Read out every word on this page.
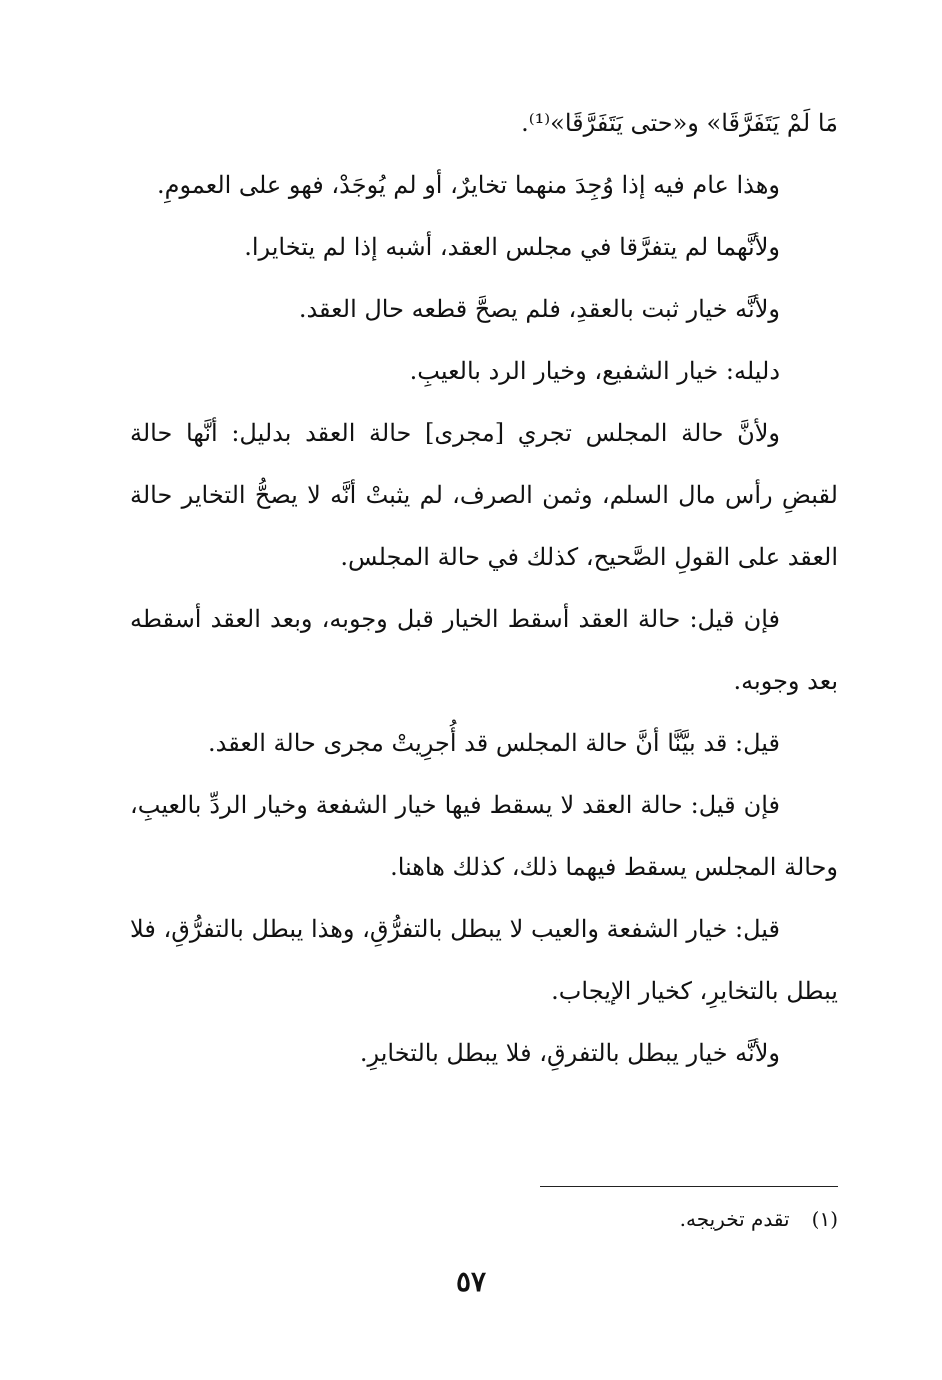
مَا لَمْ يَتَفَرَّقَا» و«حتى يَتَفَرَّقَا»⁽¹⁾.

وهذا عام فيه إذا وُجِدَ منهما تخايرٌ، أو لم يُوجَدْ، فهو على العمومِ.

ولأنَّهما لم يتفرَّقا في مجلس العقد، أشبه إذا لم يتخايرا.

ولأنَّه خيار ثبت بالعقدِ، فلم يصحَّ قطعه حال العقد.

دليله: خيار الشفيع، وخيار الرد بالعيبِ.

ولأنَّ حالة المجلس تجري [مجرى] حالة العقد بدليل: أنَّها حالة لقبضِ رأس مال السلم، وثمن الصرف، لم يثبتْ أنَّه لا يصحُّ التخاير حالة العقد على القولِ الصَّحيح، كذلك في حالة المجلس.

فإن قيل: حالة العقد أسقط الخيار قبل وجوبه، وبعد العقد أسقطه بعد وجوبه.

قيل: قد بيَّنَّا أنَّ حالة المجلس قد أُجرِيتْ مجرى حالة العقد.

فإن قيل: حالة العقد لا يسقط فيها خيار الشفعة وخيار الردِّ بالعيبِ، وحالة المجلس يسقط فيهما ذلك، كذلك هاهنا.

قيل: خيار الشفعة والعيب لا يبطل بالتفرُّقِ، وهذا يبطل بالتفرُّقِ، فلا يبطل بالتخايرِ، كخيار الإيجاب.

ولأنَّه خيار يبطل بالتفرقِ، فلا يبطل بالتخايرِ.

(١)تقدم تخريجه.
٥٧
